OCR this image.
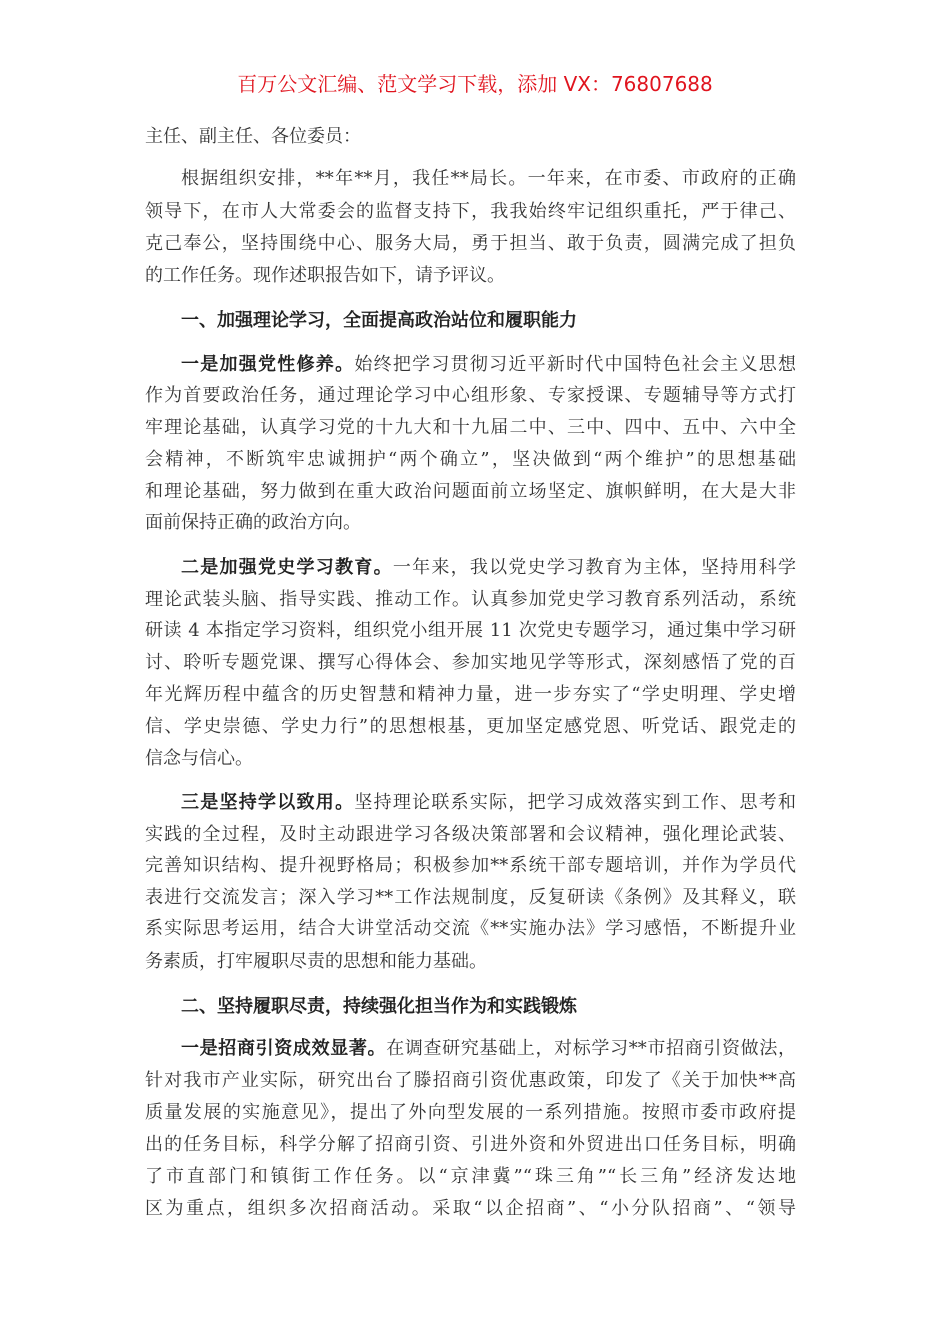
百万公文汇编、范文学习下载，添加 VX：76807688
主任、副主任、各位委员：
根据组织安排，**年**月，我任**局长。一年来，在市委、市政府的正确
领导下，在市人大常委会的监督支持下，我我始终牢记组织重托，严于律己、
克己奉公，坚持围绕中心、服务大局，勇于担当、敢于负责，圆满完成了担负
的工作任务。现作述职报告如下，请予评议。
一、加强理论学习，全面提高政治站位和履职能力
一是加强党性修养。始终把学习贯彻习近平新时代中国特色社会主义思想
作为首要政治任务，通过理论学习中心组形象、专家授课、专题辅导等方式打
牢理论基础，认真学习党的十九大和十九届二中、三中、四中、五中、六中全
会精神，不断筑牢忠诚拥护“两个确立”，坚决做到“两个维护”的思想基础
和理论基础，努力做到在重大政治问题面前立场坚定、旗帜鲜明，在大是大非
面前保持正确的政治方向。
二是加强党史学习教育。一年来，我以党史学习教育为主体，坚持用科学
理论武装头脑、指导实践、推动工作。认真参加党史学习教育系列活动，系统
研读 4 本指定学习资料，组织党小组开展 11 次党史专题学习，通过集中学习研
讨、聆听专题党课、撰写心得体会、参加实地见学等形式，深刻感悟了党的百
年光辉历程中蕴含的历史智慧和精神力量，进一步夯实了“学史明理、学史增
信、学史崇德、学史力行”的思想根基，更加坚定感党恩、听党话、跟党走的
信念与信心。
三是坚持学以致用。坚持理论联系实际，把学习成效落实到工作、思考和
实践的全过程，及时主动跟进学习各级决策部署和会议精神，强化理论武装、
完善知识结构、提升视野格局；积极参加**系统干部专题培训，并作为学员代
表进行交流发言；深入学习**工作法规制度，反复研读《条例》及其释义，联
系实际思考运用，结合大讲堂活动交流《**实施办法》学习感悟，不断提升业
务素质，打牢履职尽责的思想和能力基础。
二、坚持履职尽责，持续强化担当作为和实践锻炼
一是招商引资成效显著。在调查研究基础上，对标学习**市招商引资做法，
针对我市产业实际，研究出台了滕招商引资优惠政策，印发了《关于加快**高
质量发展的实施意见》，提出了外向型发展的一系列措施。按照市委市政府提
出的任务目标，科学分解了招商引资、引进外资和外贸进出口任务目标，明确
了市直部门和镇街工作任务。以“京津冀”“珠三角”“长三角”经济发达地
区为重点，组织多次招商活动。采取“以企招商”、“小分队招商”、“领导
